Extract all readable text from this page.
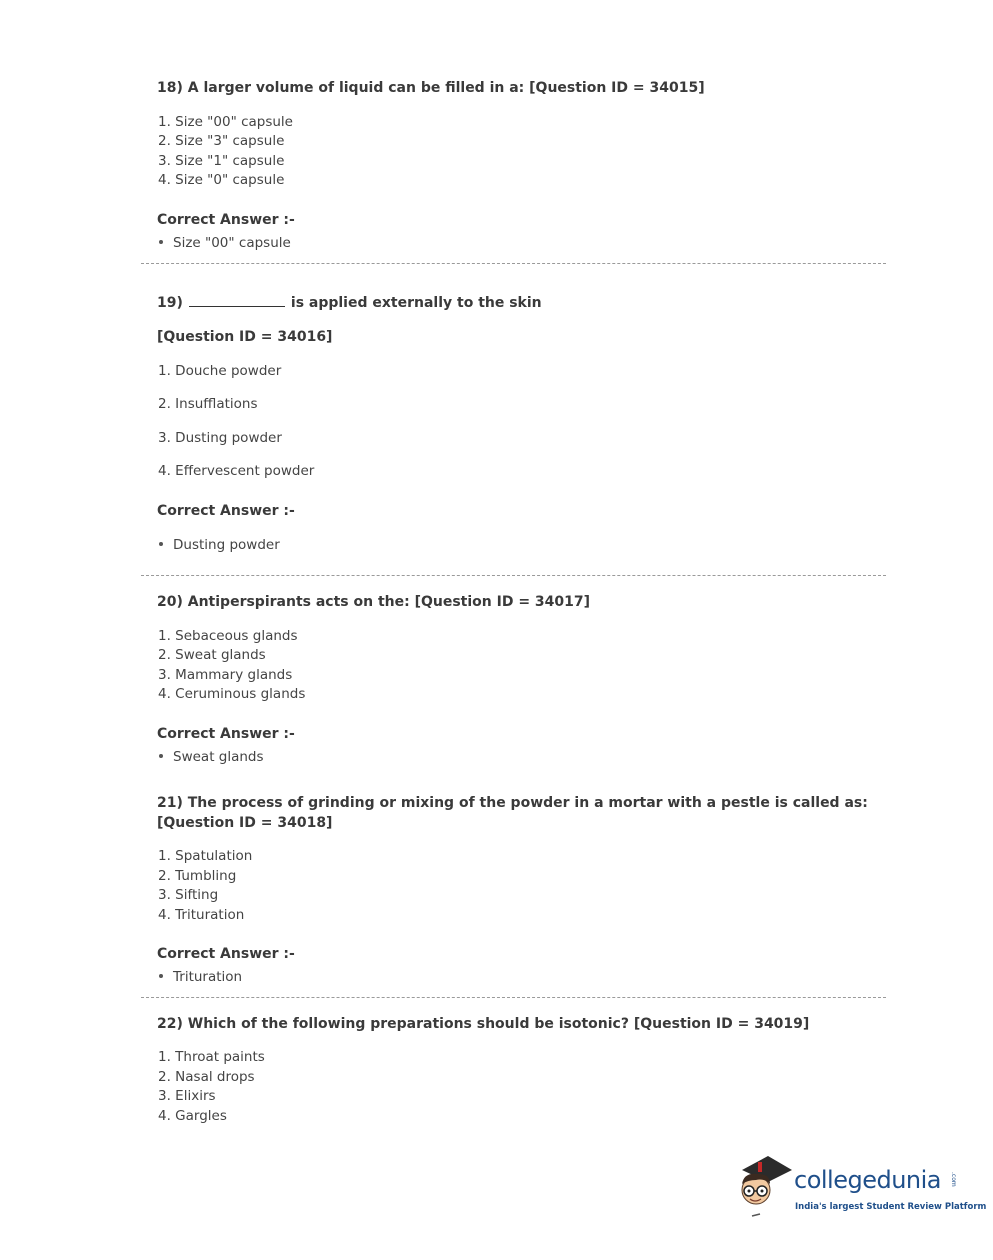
18) A larger volume of liquid can be filled in a: [Question ID = 34015]
1. Size "00" capsule
2. Size "3" capsule
3. Size "1" capsule
4. Size "0" capsule
Correct Answer :-
Size "00" capsule
19)	is applied externally to the skin
[Question ID = 34016]
1. Douche powder
2. Insufflations
3. Dusting powder
4. Effervescent powder
Correct Answer :-
Dusting powder
20) Antiperspirants acts on the: [Question ID = 34017]
1. Sebaceous glands
2. Sweat glands
3. Mammary glands
4. Ceruminous glands
Correct Answer :-
Sweat glands
21) The process of grinding or mixing of the powder in a mortar with a pestle is called as:
[Question ID = 34018]
1. Spatulation
2. Tumbling
3. Sifting
4. Trituration
Correct Answer :-
Trituration
22) Which of the following preparations should be isotonic? [Question ID = 34019]
1. Throat paints
2. Nasal drops
3. Elixirs
4. Gargles
collegedunia .com
India's largest Student Review Platform
